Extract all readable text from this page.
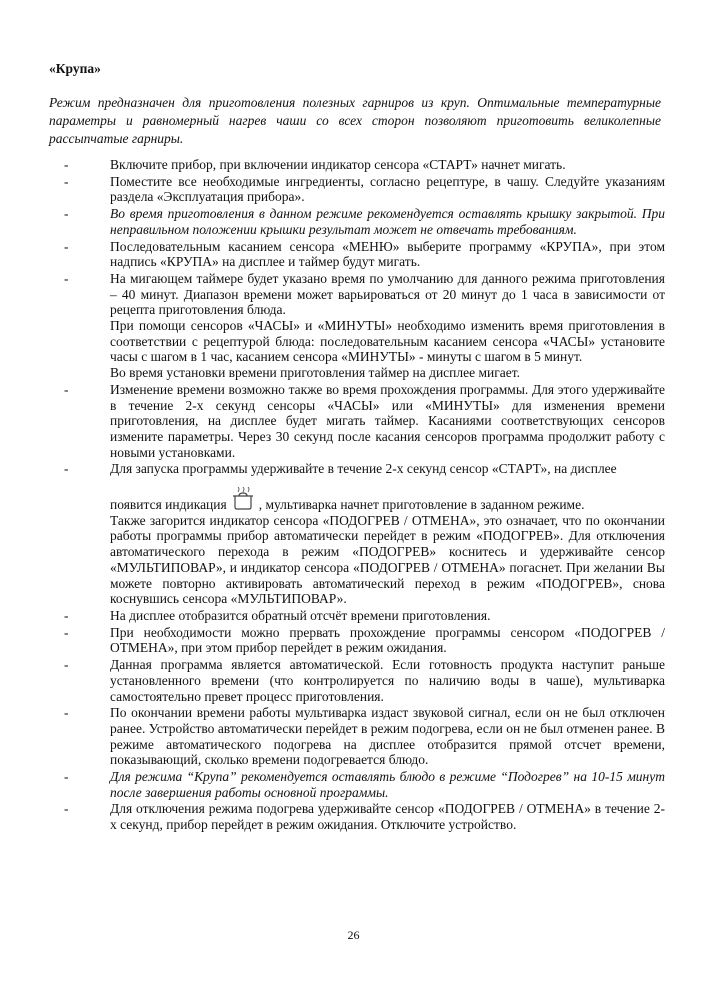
«Крупа»
Режим предназначен для приготовления полезных гарниров из круп. Оптимальные температурные параметры и равномерный нагрев чаши со всех сторон позволяют приготовить великолепные рассыпчатые гарниры.
-	Включите прибор, при включении индикатор сенсора «СТАРТ» начнет мигать.
-	Поместите все необходимые ингредиенты, согласно рецептуре, в чашу. Следуйте указаниям раздела «Эксплуатация прибора».
-	Во время приготовления в данном режиме рекомендуется оставлять крышку закрытой. При неправильном положении крышки результат может не отвечать требованиям.
-	Последовательным касанием сенсора «МЕНЮ» выберите программу «КРУПА», при этом надпись «КРУПА» на дисплее и таймер будут мигать.
-	На мигающем таймере будет указано время по умолчанию для данного режима приготовления – 40 минут. Диапазон времени может варьироваться от 20 минут до 1 часа в зависимости от рецепта приготовления блюда.
При помощи сенсоров «ЧАСЫ» и «МИНУТЫ» необходимо изменить время приготовления в соответствии с рецептурой блюда: последовательным касанием сенсора «ЧАСЫ» установите часы с шагом в 1 час, касанием сенсора «МИНУТЫ» - минуты с шагом в 5 минут.
Во время установки времени приготовления таймер на дисплее мигает.
-	Изменение времени возможно также во время прохождения программы. Для этого удерживайте в течение 2-х секунд сенсоры «ЧАСЫ» или «МИНУТЫ» для изменения времени приготовления, на дисплее будет мигать таймер. Касаниями соответствующих сенсоров измените параметры. Через 30 секунд после касания сенсоров программа продолжит работу с новыми установками.
-	Для запуска программы удерживайте в течение 2-х секунд сенсор «СТАРТ», на дисплее
появится индикация , мультиварка начнет приготовление в заданном режиме.
Также загорится индикатор сенсора «ПОДОГРЕВ / ОТМЕНА», это означает, что по окончании работы программы прибор автоматически перейдет в режим «ПОДОГРЕВ». Для отключения автоматического перехода в режим «ПОДОГРЕВ» коснитесь и удерживайте сенсор «МУЛЬТИПОВАР», и индикатор сенсора «ПОДОГРЕВ / ОТМЕНА» погаснет. При желании Вы можете повторно активировать автоматический переход в режим «ПОДОГРЕВ», снова коснувшись сенсора «МУЛЬТИПОВАР».
-	На дисплее отобразится обратный отсчёт времени приготовления.
-	При необходимости можно прервать прохождение программы сенсором «ПОДОГРЕВ / ОТМЕНА», при этом прибор перейдет в режим ожидания.
-	Данная программа является автоматической. Если готовность продукта наступит раньше установленного времени (что контролируется по наличию воды в чаше), мультиварка самостоятельно превет процесс приготовления.
-	По окончании времени работы мультиварка издаст звуковой сигнал, если он не был отключен ранее. Устройство автоматически перейдет в режим подогрева, если он не был отменен ранее. В режиме автоматического подогрева на дисплее отобразится прямой отсчет времени, показывающий, сколько времени подогревается блюдо.
-	Для режима “Крупа” рекомендуется оставлять блюдо в режиме “Подогрев” на 10-15 минут после завершения работы основной программы.
-	Для отключения режима подогрева удерживайте сенсор «ПОДОГРЕВ / ОТМЕНА» в течение 2-х секунд, прибор перейдет в режим ожидания. Отключите устройство.
26
